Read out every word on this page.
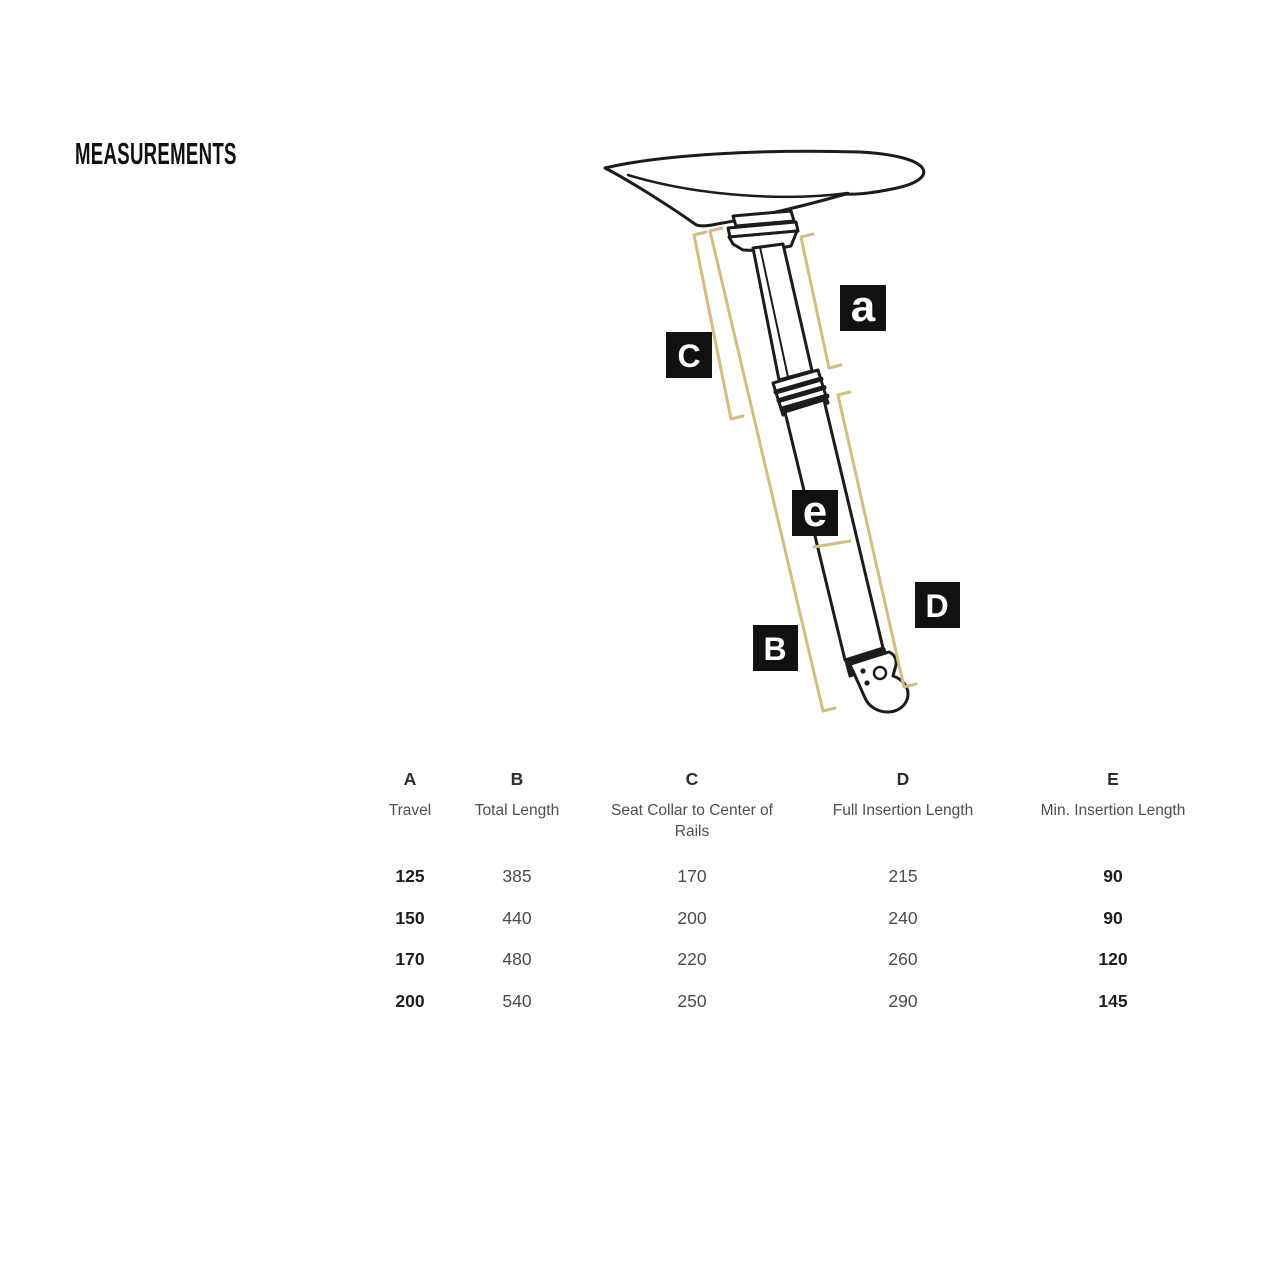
MEASUREMENTS
a
C
e
B
D
A
Travel
125
150
170
200
B
Total Length
385
440
480
540
C
Seat Collar to Center of Rails
170
200
220
250
D
Full Insertion Length
215
240
260
290
E
Min. Insertion Length
90
90
120
145
